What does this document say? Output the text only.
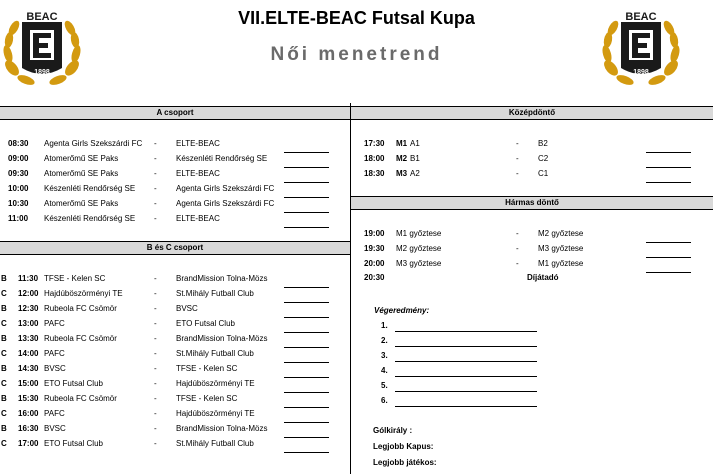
BEAC
1898
BEAC
1898
VII.ELTE-BEAC Futsal Kupa
Női menetrend
A csoport
08:30 Agenta Girls Szekszárdi FC - ELTE-BEAC
09:00 Atomerőmű SE Paks	- Készenléti Rendőrség SE
09:30 Atomerőmű SE Paks	- ELTE-BEAC
10:00 Készenléti Rendőrség SE - Agenta Girls Szekszárdi FC
10:30 Atomerőmű SE Paks	- Agenta Girls Szekszárdi FC
11:00 Készenléti Rendőrség SE - ELTE-BEAC
B és C csoport
B 11:30 TFSE - Kelen SC	- BrandMission Tolna-Mözs
C 12:00 Hajdúböszörményi TE	- St.Mihály Futball Club
B 12:30 Rubeola FC Csömör	- BVSC
C 13:00 PAFC	- ETO Futsal Club
B 13:30 Rubeola FC Csömör	- BrandMission Tolna-Mözs
C 14:00 PAFC	- St.Mihály Futball Club
B 14:30 BVSC	- TFSE - Kelen SC
C 15:00 ETO Futsal Club	- Hajdúböszörményi TE
B 15:30 Rubeola FC Csömör	- TFSE - Kelen SC
C 16:00 PAFC	- Hajdúböszörményi TE
B 16:30 BVSC	- BrandMission Tolna-Mözs
C 17:00 ETO Futsal Club	- St.Mihály Futball Club
Középdöntő
17:30 M1 A1	- B2
18:00 M2 B1	- C2
18:30 M3 A2	- C1
Hármas döntő
19:00 M1 győztese	- M2 győztese
19:30 M2 győztese	- M3 győztese
20:00 M3 győztese	- M1 győztese
20:30	Díjátadó
Végeredmény:
1.
2.
3.
4.
5.
6.
Gólkirály :
Legjobb Kapus:
Legjobb játékos:
